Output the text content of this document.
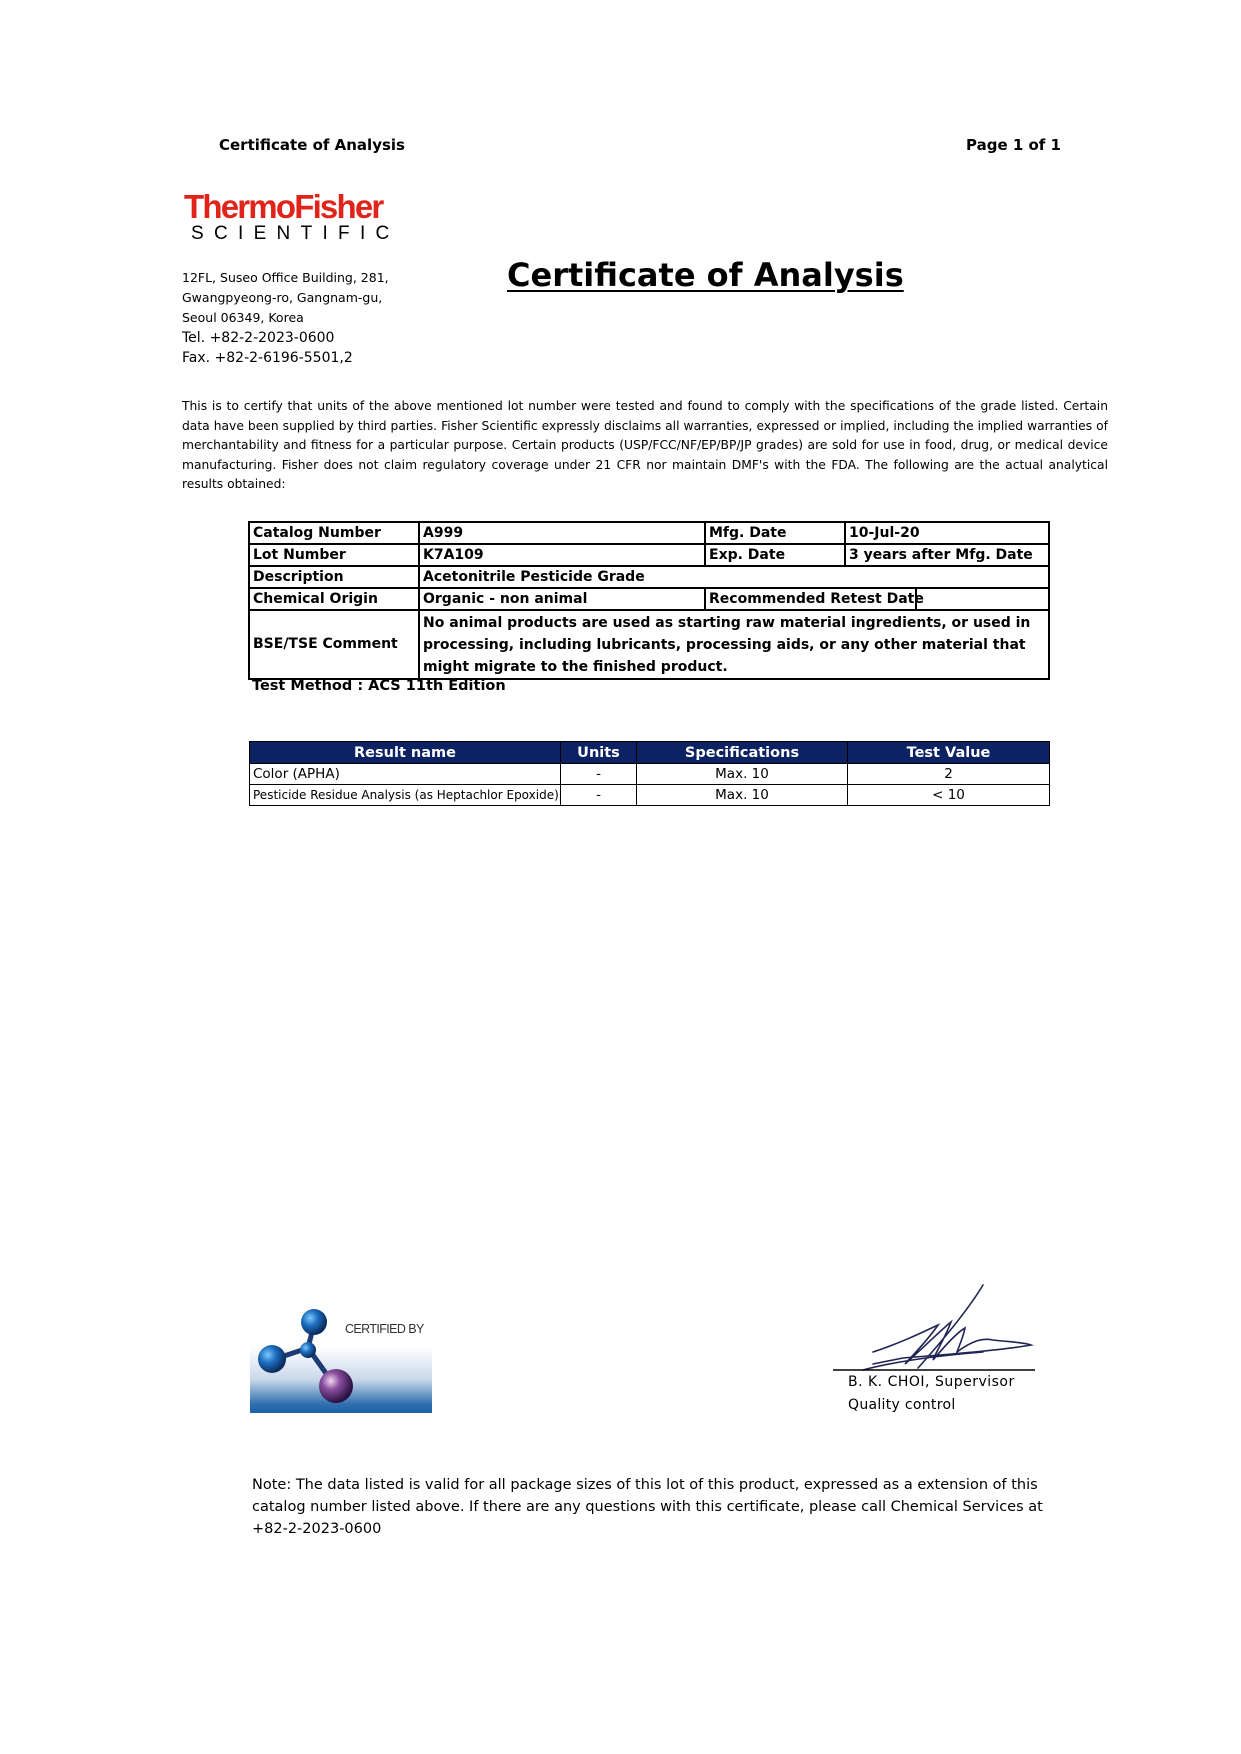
Certificate of Analysis	Page 1 of 1
ThermoFisher
SCIENTIFIC
12FL, Suseo Office Building, 281,
Gwangpyeong-ro, Gangnam-gu,
Seoul 06349, Korea
Tel. +82-2-2023-0600
Fax. +82-2-6196-5501,2
Certificate of Analysis
This is to certify that units of the above mentioned lot number were tested and found to comply with the specifications of the grade listed. Certain data have been supplied by third parties. Fisher Scientific expressly disclaims all warranties, expressed or implied, including the implied warranties of merchantability and fitness for a particular purpose. Certain products (USP/FCC/NF/EP/BP/JP grades) are sold for use in food, drug, or medical device manufacturing. Fisher does not claim regulatory coverage under 21 CFR nor maintain DMF's with the FDA. The following are the actual analytical results obtained:
Catalog Number	A999	Mfg. Date	10-Jul-20	
Lot Number	K7A109	Exp. Date	3 years after Mfg. Date	
Description	Acetonitrile Pesticide Grade			
Chemical Origin	Organic - non animal	Recommended Retest Date		
BSE/TSE Comment	No animal products are used as starting raw material ingredients, or used in processing, including lubricants, processing aids, or any other material that might migrate to the finished product.			
Test Method : ACS 11th Edition
Result name	Units	Specifications	Test Value
Color (APHA)	-	Max. 10	2
Pesticide Residue Analysis (as Heptachlor Epoxide)	-	Max. 10	< 10
CERTIFIED BY
B. K. CHOI, Supervisor
Quality control
Note: The data listed is valid for all package sizes of this lot of this product, expressed as a extension of this catalog number listed above. If there are any questions with this certificate, please call Chemical Services at +82-2-2023-0600
